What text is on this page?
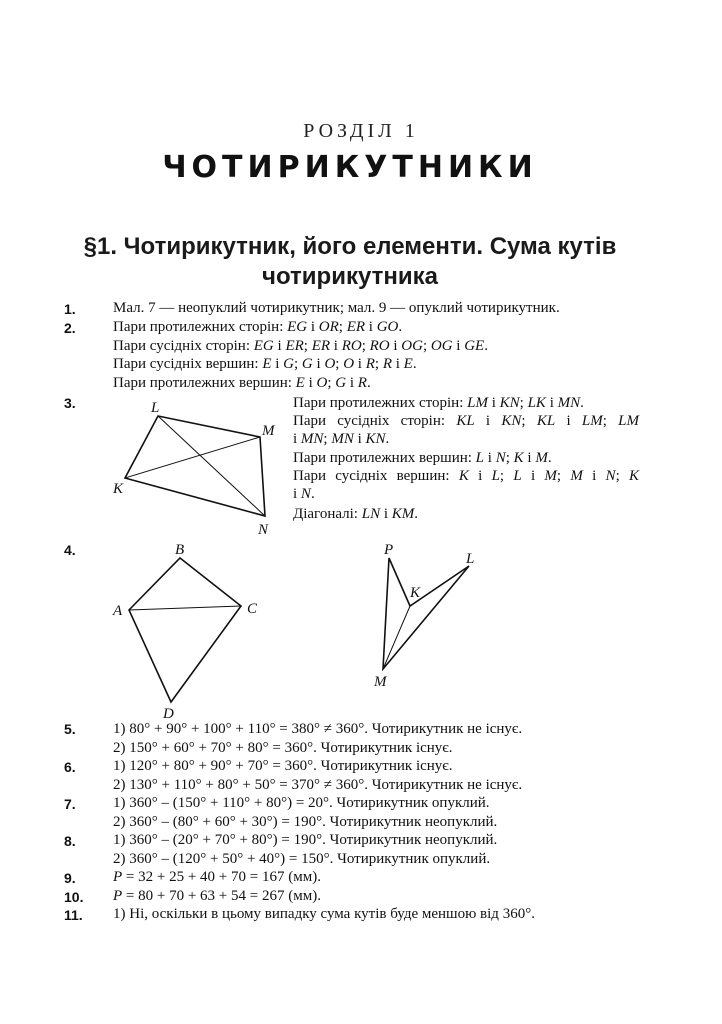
РОЗДІЛ 1
ЧОТИРИКУТНИКИ
§1. Чотирикутник, його елементи. Сума кутів
чотирикутника
1.
2.
3.
4.
5.
6.
7.
8.
9.
10.
11.
Мал. 7 — неопуклий чотирикутник; мал. 9 — опуклий чотирикутник.
Пари протилежних сторін: EG і OR; ER і GO.
Пари сусідніх сторін: EG і ER; ER і RO; RO і OG; OG і GE.
Пари сусідніх вершин: E і G; G і O; O і R; R і E.
Пари протилежних вершин: E і O; G і R.
L
M
K
N
Пари протилежних сторін: LM і KN; LK і MN.
Пари сусідніх сторін: KL і KN; KL і LM; LM
і MN; MN і KN.
Пари протилежних вершин: L і N; K і M.
Пари сусідніх вершин: K і L; L і M; M і N; K
і N.
Діагоналі: LN і KM.
A
B
C
D
P
K
L
M
1) 80° + 90° + 100° + 110° = 380° ≠ 360°. Чотирикутник не існує.
2) 150° + 60° + 70° + 80° = 360°. Чотирикутник існує.
1) 120° + 80° + 90° + 70° = 360°. Чотирикутник існує.
2) 130° + 110° + 80° + 50° = 370° ≠ 360°. Чотирикутник не існує.
1) 360° – (150° + 110° + 80°) = 20°. Чотирикутник опуклий.
2) 360° – (80° + 60° + 30°) = 190°. Чотирикутник неопуклий.
1) 360° – (20° + 70° + 80°) = 190°. Чотирикутник неопуклий.
2) 360° – (120° + 50° + 40°) = 150°. Чотирикутник опуклий.
P = 32 + 25 + 40 + 70 = 167 (мм).
P = 80 + 70 + 63 + 54 = 267 (мм).
1) Ні, оскільки в цьому випадку сума кутів буде меншою від 360°.
